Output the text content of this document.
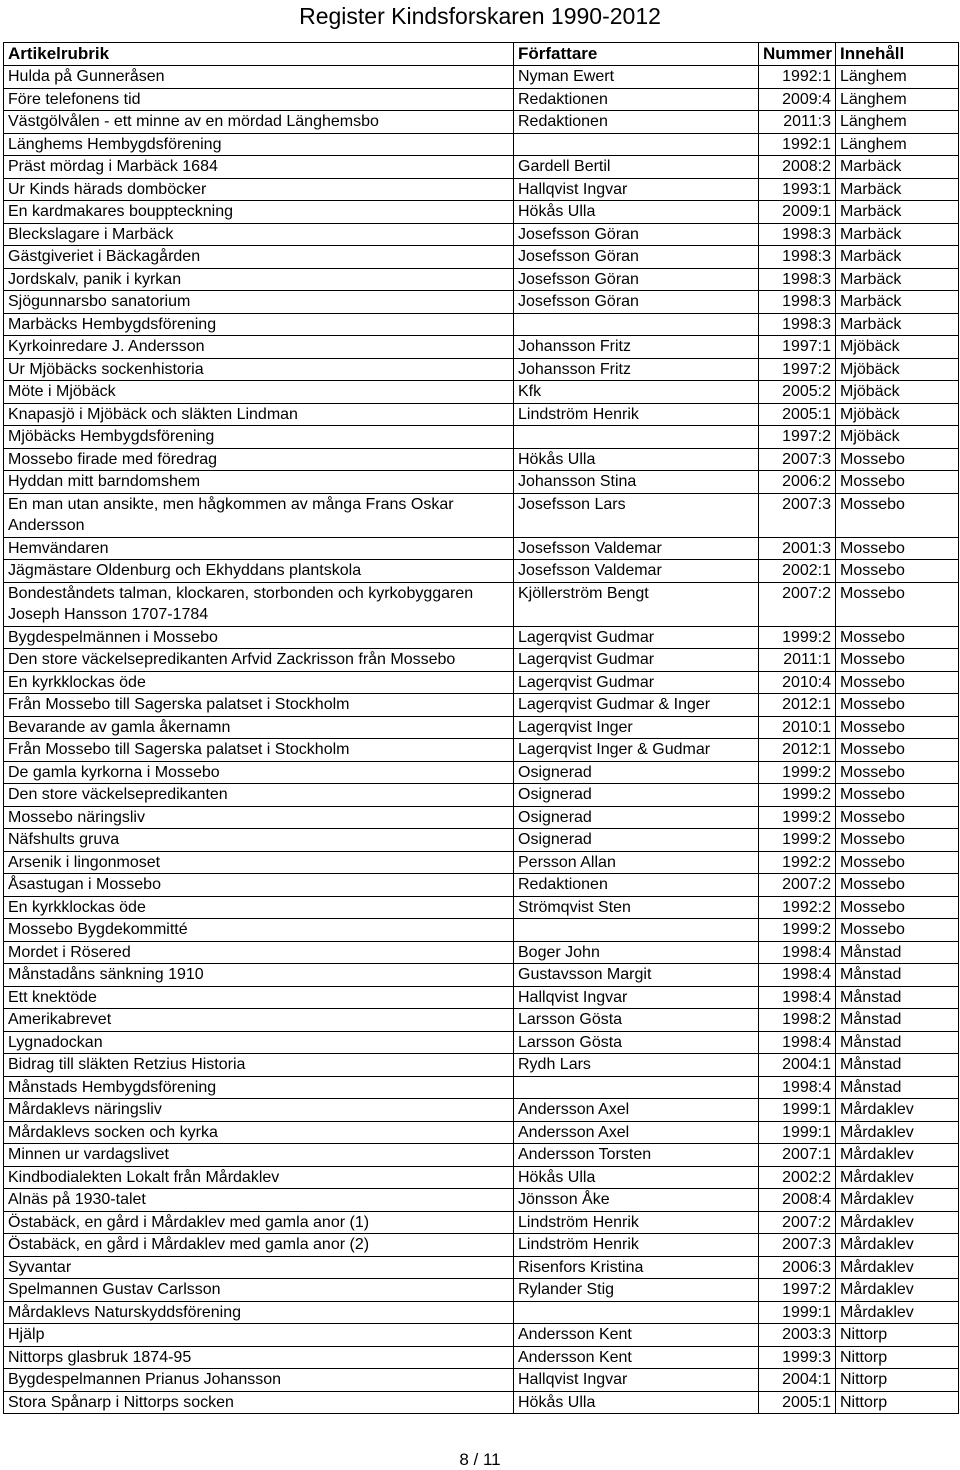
Register Kindsforskaren 1990-2012
Artikelrubrik	Författare	Nummer	Innehåll
Hulda på Gunneråsen	Nyman Ewert	1992:1	Länghem
Före telefonens tid	Redaktionen	2009:4	Länghem
Västgölvålen - ett minne av en mördad Länghemsbo	Redaktionen	2011:3	Länghem
Länghems Hembygdsförening		1992:1	Länghem
Präst mördag i Marbäck 1684	Gardell Bertil	2008:2	Marbäck
Ur Kinds härads domböcker	Hallqvist Ingvar	1993:1	Marbäck
En kardmakares bouppteckning	Hökås Ulla	2009:1	Marbäck
Bleckslagare i Marbäck	Josefsson Göran	1998:3	Marbäck
Gästgiveriet i Bäckagården	Josefsson Göran	1998:3	Marbäck
Jordskalv, panik i kyrkan	Josefsson Göran	1998:3	Marbäck
Sjögunnarsbo sanatorium	Josefsson Göran	1998:3	Marbäck
Marbäcks Hembygdsförening		1998:3	Marbäck
Kyrkoinredare J. Andersson	Johansson Fritz	1997:1	Mjöbäck
Ur Mjöbäcks sockenhistoria	Johansson Fritz	1997:2	Mjöbäck
Möte i Mjöbäck	Kfk	2005:2	Mjöbäck
Knapasjö i Mjöbäck och släkten Lindman	Lindström Henrik	2005:1	Mjöbäck
Mjöbäcks Hembygdsförening		1997:2	Mjöbäck
Mossebo firade med föredrag	Hökås Ulla	2007:3	Mossebo
Hyddan mitt barndomshem	Johansson Stina	2006:2	Mossebo
En man utan ansikte, men hågkommen av många Frans Oskar Andersson	Josefsson Lars	2007:3	Mossebo
Hemvändaren	Josefsson Valdemar	2001:3	Mossebo
Jägmästare Oldenburg och Ekhyddans plantskola	Josefsson Valdemar	2002:1	Mossebo
Bondeståndets talman, klockaren, storbonden och kyrkobyggaren Joseph Hansson 1707-1784	Kjöllerström Bengt	2007:2	Mossebo
Bygdespelmännen i Mossebo	Lagerqvist Gudmar	1999:2	Mossebo
Den store väckelsepredikanten Arfvid Zackrisson från Mossebo	Lagerqvist Gudmar	2011:1	Mossebo
En kyrkklockas öde	Lagerqvist Gudmar	2010:4	Mossebo
Från Mossebo till Sagerska palatset i Stockholm	Lagerqvist Gudmar & Inger	2012:1	Mossebo
Bevarande av gamla åkernamn	Lagerqvist Inger	2010:1	Mossebo
Från Mossebo till Sagerska palatset i Stockholm	Lagerqvist Inger & Gudmar	2012:1	Mossebo
De gamla kyrkorna i Mossebo	Osignerad	1999:2	Mossebo
Den store väckelsepredikanten	Osignerad	1999:2	Mossebo
Mossebo näringsliv	Osignerad	1999:2	Mossebo
Näfshults gruva	Osignerad	1999:2	Mossebo
Arsenik i lingonmoset	Persson Allan	1992:2	Mossebo
Åsastugan i Mossebo	Redaktionen	2007:2	Mossebo
En kyrkklockas öde	Strömqvist Sten	1992:2	Mossebo
Mossebo Bygdekommitté		1999:2	Mossebo
Mordet i Rösered	Boger John	1998:4	Månstad
Månstadåns sänkning 1910	Gustavsson Margit	1998:4	Månstad
Ett knektöde	Hallqvist Ingvar	1998:4	Månstad
Amerikabrevet	Larsson Gösta	1998:2	Månstad
Lygnadockan	Larsson Gösta	1998:4	Månstad
Bidrag till släkten Retzius Historia	Rydh Lars	2004:1	Månstad
Månstads Hembygdsförening		1998:4	Månstad
Mårdaklevs näringsliv	Andersson Axel	1999:1	Mårdaklev
Mårdaklevs socken och kyrka	Andersson Axel	1999:1	Mårdaklev
Minnen ur vardagslivet	Andersson Torsten	2007:1	Mårdaklev
Kindbodialekten Lokalt från Mårdaklev	Hökås Ulla	2002:2	Mårdaklev
Alnäs på 1930-talet	Jönsson Åke	2008:4	Mårdaklev
Östabäck, en gård i Mårdaklev med gamla anor (1)	Lindström Henrik	2007:2	Mårdaklev
Östabäck, en gård i Mårdaklev med gamla anor (2)	Lindström Henrik	2007:3	Mårdaklev
Syvantar	Risenfors Kristina	2006:3	Mårdaklev
Spelmannen Gustav Carlsson	Rylander Stig	1997:2	Mårdaklev
Mårdaklevs Naturskyddsförening		1999:1	Mårdaklev
Hjälp	Andersson Kent	2003:3	Nittorp
Nittorps glasbruk 1874-95	Andersson Kent	1999:3	Nittorp
Bygdespelmannen Prianus Johansson	Hallqvist Ingvar	2004:1	Nittorp
Stora Spånarp i Nittorps socken	Hökås Ulla	2005:1	Nittorp
8 / 11
